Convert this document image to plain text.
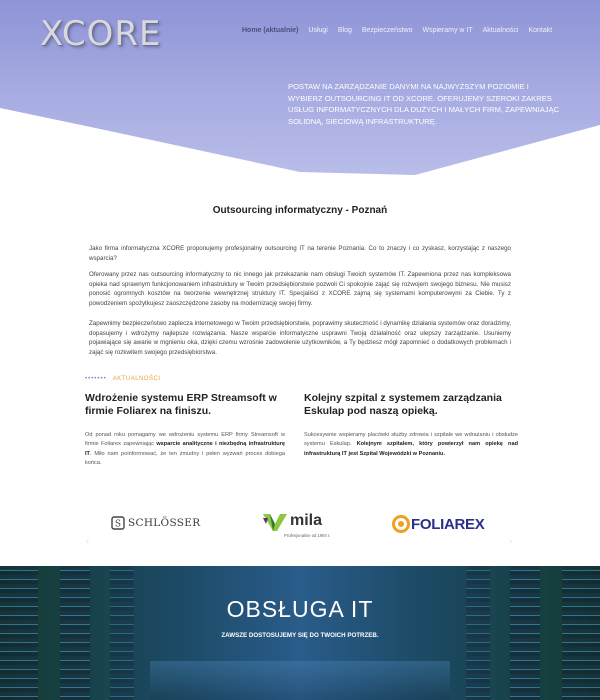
XCORE	Home (aktualnie) Usługi Blog Bezpieczeństwo Wspieramy w IT Aktualności Kontakt
POSTAW NA ZARZĄDZANIE DANYMI NA NAJWYŻSZYM POZIOMIE I WYBIERZ OUTSOURCING IT OD XCORE. OFERUJEMY SZEROKI ZAKRES USŁUG INFORMATYCZNYCH DLA DUŻYCH I MAŁYCH FIRM, ZAPEWNIAJĄC SOLIDNĄ, SIECIOWĄ INFRASTRUKTURĘ.
Outsourcing informatyczny - Poznań

Jako firma informatyczna XCORE proponujemy profesjonalny outsourcing IT na terenie Poznania. Co to znaczy i co zyskasz, korzystając z naszego wsparcia?

Oferowany przez nas outsourcing informatyczny to nic innego jak przekazanie nam obsługi Twoich systemów IT. Zapewniona przez nas kompleksowa opieka nad sprawnym funkcjonowaniem infrastruktury w Twoim przedsiębiorstwie pozwoli Ci spokojnie zająć się rozwojem swojego biznesu. Nie musisz ponosić ogromnych kosztów na tworzenie wewnętrznej struktury IT. Specjaliści z XCORE zajmą się systemami komputerowymi za Ciebie. Ty z powodzeniem spożytkujesz zaoszczędzone zasoby na modernizację swojej firmy.

Zapewnimy bezpieczeństwo zaplecza internetowego w Twoim przedsiębiorstwie, poprawimy skuteczność i dynamikę działania systemów oraz doradzimy, dopasujemy i wdrożymy najlepsze rozwiązania. Nasze wsparcie informatyczne usprawni Twoją działalność oraz ulepszy zarządzanie. Usuniemy pojawiające się awarie w mgnieniu oka, dzięki czemu wzrośnie zadowolenie użytkowników, a Ty będziesz mógł zapomnieć o dodatkowych problemach i zająć się rozkwitem swojego przedsiębiorstwa.

••••••• AKTUALNOŚCI
Wdrożenie systemu ERP Streamsoft w firmie Foliarex na finiszu.

Od ponad roku pomagamy we wdrożeniu systemu ERP firmy Streamsoft w firmie Foliarex zapewniając wsparcie analityczne i niezbędną infrastrukturę IT. Miło nam poinformować, że ten żmudny i pełen wyzwań proces dobiega końca.

Kolejny szpital z systemem zarządzania Eskulap pod naszą opieką.

Sukcesywnie wspieramy placówki służby zdrowia i szpitale we wdrażaniu i obsłudze systemu Eskulap. Kolejnym szpitalem, który powierzył nam opiekę nad infrastrukturą IT jest Szpital Wojewódzki w Poznaniu.

S SCHLÖSSER	mila
Profesjonalnie od 1994 r.
FOLIAREX
‹	›
OBSŁUGA IT
ZAWSZE DOSTOSUJEMY SIĘ DO TWOICH POTRZEB.
